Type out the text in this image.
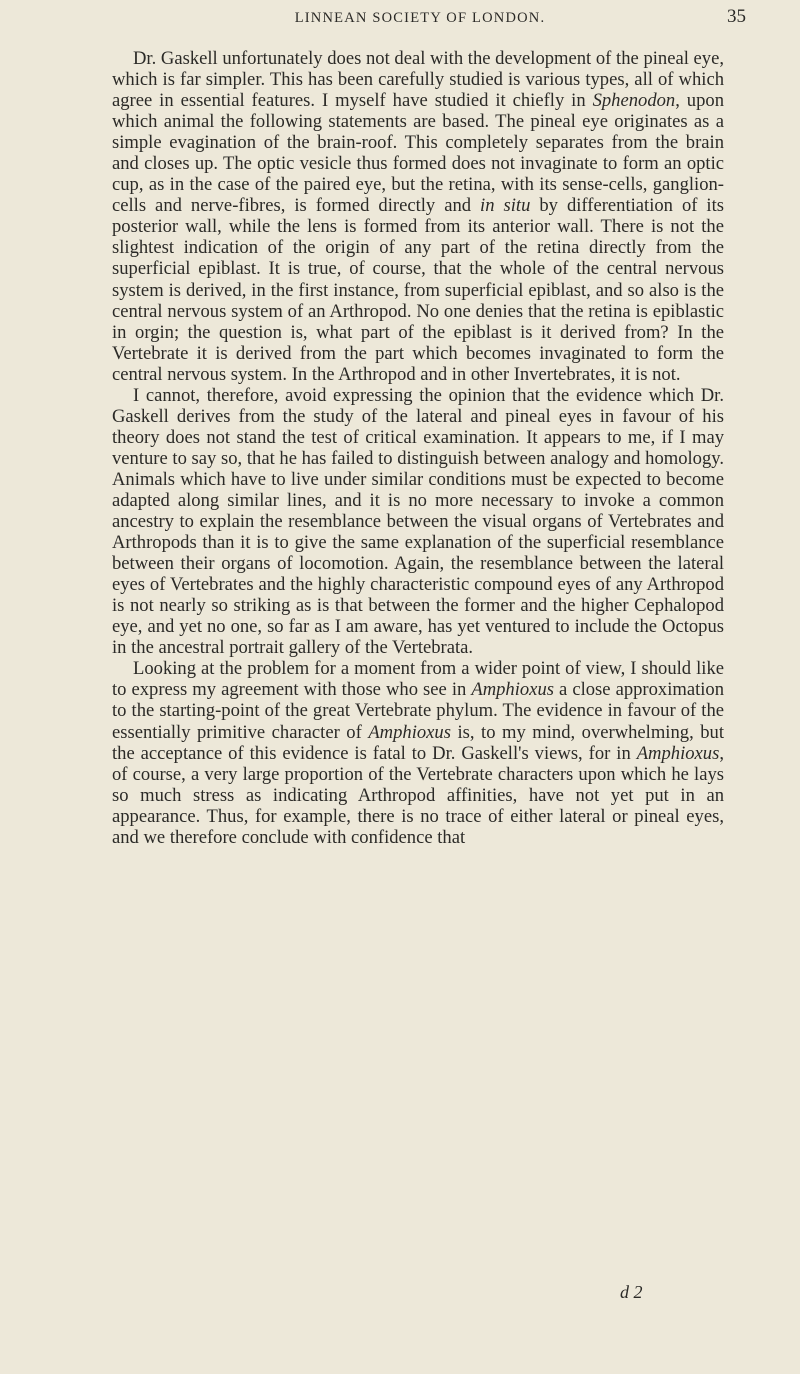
LINNEAN SOCIETY OF LONDON.	35

Dr. Gaskell unfortunately does not deal with the development of the pineal eye, which is far simpler. This has been carefully studied is various types, all of which agree in essential features. I myself have studied it chiefly in Sphenodon, upon which animal the following statements are based. The pineal eye originates as a simple evagination of the brain-roof. This completely separates from the brain and closes up. The optic vesicle thus formed does not invaginate to form an optic cup, as in the case of the paired eye, but the retina, with its sense-cells, ganglion-cells and nerve-fibres, is formed directly and in situ by differentiation of its posterior wall, while the lens is formed from its anterior wall. There is not the slightest indication of the origin of any part of the retina directly from the superficial epiblast. It is true, of course, that the whole of the central nervous system is derived, in the first instance, from superficial epiblast, and so also is the central nervous system of an Arthropod. No one denies that the retina is epiblastic in orgin; the question is, what part of the epiblast is it derived from? In the Vertebrate it is derived from the part which becomes invaginated to form the central nervous system. In the Arthropod and in other Invertebrates, it is not.

I cannot, therefore, avoid expressing the opinion that the evidence which Dr. Gaskell derives from the study of the lateral and pineal eyes in favour of his theory does not stand the test of critical examination. It appears to me, if I may venture to say so, that he has failed to distinguish between analogy and homology. Animals which have to live under similar conditions must be expected to become adapted along similar lines, and it is no more necessary to invoke a common ancestry to explain the resemblance between the visual organs of Vertebrates and Arthropods than it is to give the same explanation of the superficial resemblance between their organs of locomotion. Again, the resemblance between the lateral eyes of Vertebrates and the highly characteristic compound eyes of any Arthropod is not nearly so striking as is that between the former and the higher Cephalopod eye, and yet no one, so far as I am aware, has yet ventured to include the Octopus in the ancestral portrait gallery of the Vertebrata.

Looking at the problem for a moment from a wider point of view, I should like to express my agreement with those who see in Amphioxus a close approximation to the starting-point of the great Vertebrate phylum. The evidence in favour of the essentially primitive character of Amphioxus is, to my mind, overwhelming, but the acceptance of this evidence is fatal to Dr. Gaskell's views, for in Amphioxus, of course, a very large proportion of the Vertebrate characters upon which he lays so much stress as indicating Arthropod affinities, have not yet put in an appearance. Thus, for example, there is no trace of either lateral or pineal eyes, and we therefore conclude with confidence that

d 2
